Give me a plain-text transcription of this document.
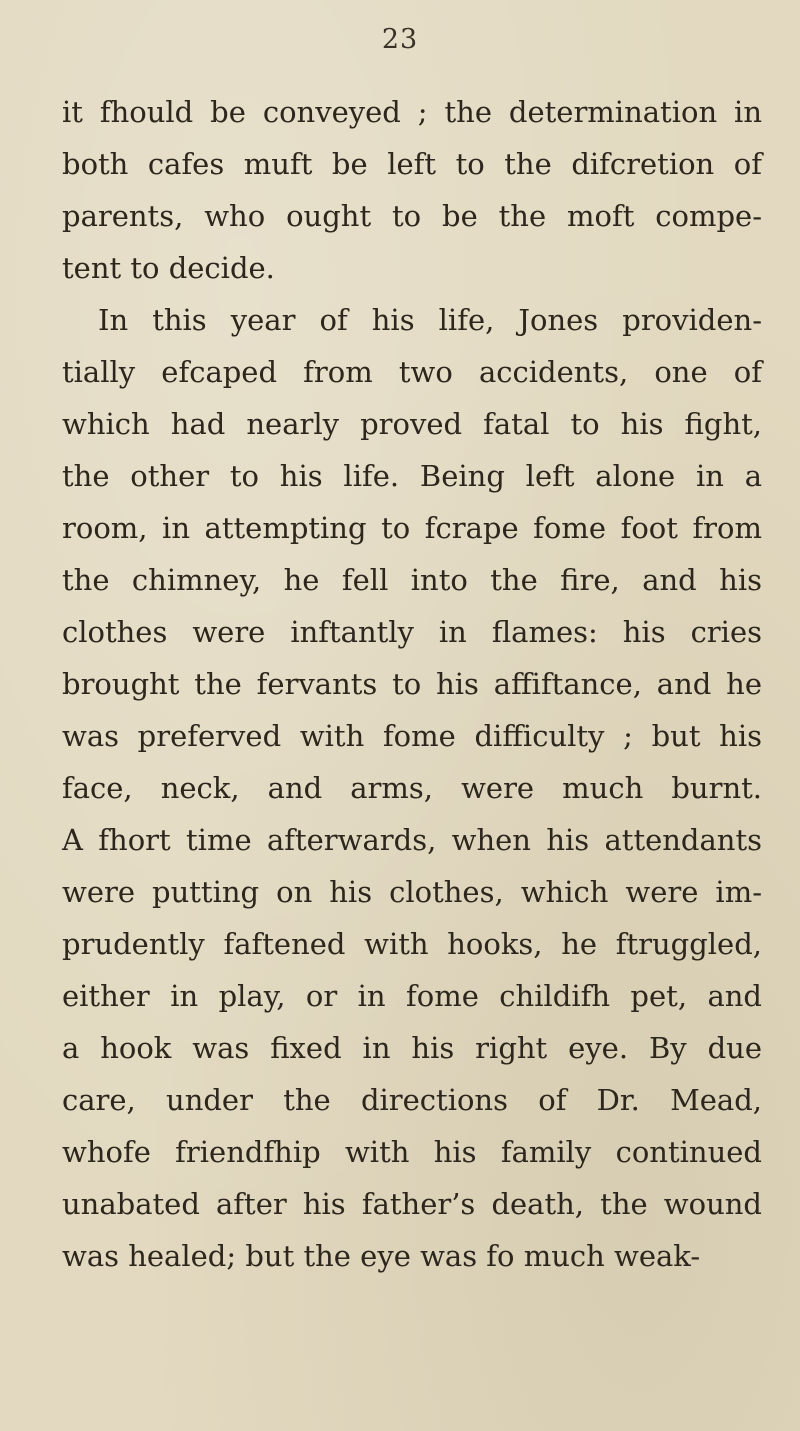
23
it fhould be conveyed ; the determination in
both cafes muft be left to the difcretion of
parents, who ought to be the moft compe-
tent to decide.
In this year of his life, Jones providen-
tially efcaped from two accidents, one of
which had nearly proved fatal to his fight,
the other to his life. Being left alone in a
room, in attempting to fcrape fome foot from
the chimney, he fell into the fire, and his
clothes were inftantly in flames: his cries
brought the fervants to his affiftance, and he
was preferved with fome difficulty ; but his
face, neck, and arms, were much burnt.
A fhort time afterwards, when his attendants
were putting on his clothes, which were im-
prudently faftened with hooks, he ftruggled,
either in play, or in fome childifh pet, and
a hook was fixed in his right eye. By due
care, under the directions of Dr. Mead,
whofe friendfhip with his family continued
unabated after his father’s death, the wound
was healed; but the eye was fo much weak-
